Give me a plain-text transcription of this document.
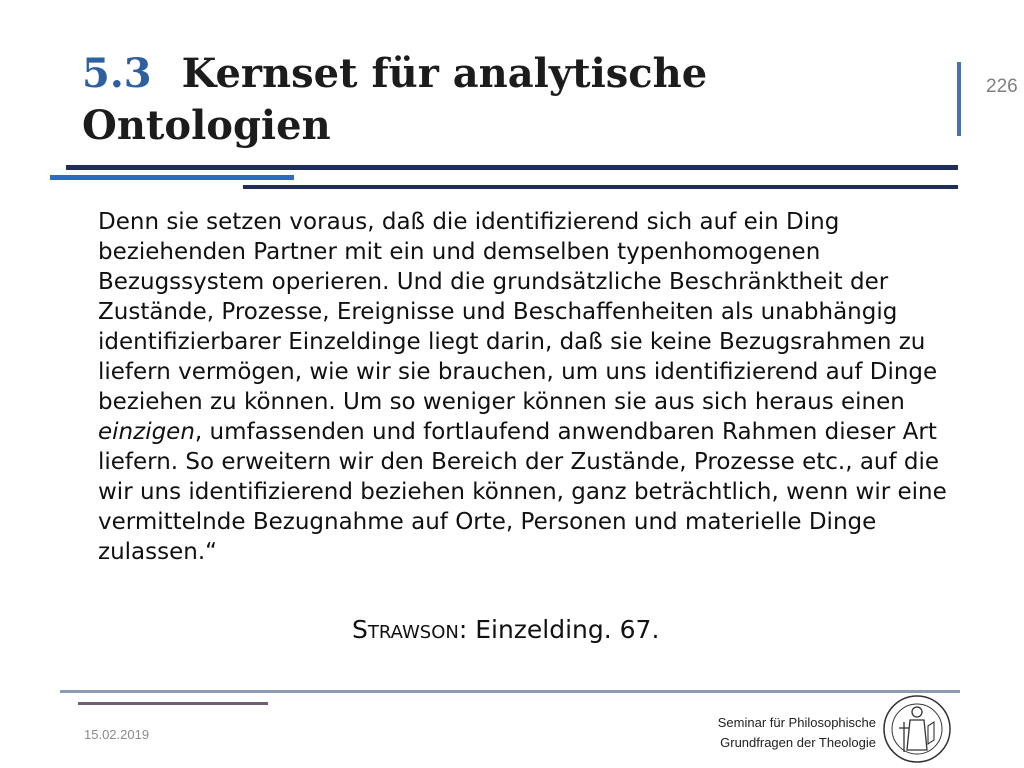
5.3 Kernset für analytische
Ontologien
226

Denn sie setzen voraus, daß die identifizierend sich auf ein Ding beziehenden Partner mit ein und demselben typenhomogenen Bezugssystem operieren. Und die grundsätzliche Beschränktheit der Zustände, Prozesse, Ereignisse und Beschaffenheiten als unabhängig identifizierbarer Einzeldinge liegt darin, daß sie keine Bezugsrahmen zu liefern vermögen, wie wir sie brauchen, um uns identifizierend auf Dinge beziehen zu können. Um so weniger können sie aus sich heraus einen einzigen, umfassenden und fortlaufend anwendbaren Rahmen dieser Art liefern. So erweitern wir den Bereich der Zustände, Prozesse etc., auf die wir uns identifizierend beziehen können, ganz beträchtlich, wenn wir eine vermittelnde Bezugnahme auf Orte, Personen und materielle Dinge zulassen.“

Strawson: Einzelding. 67.
15.02.2019
Seminar für Philosophische
Grundfragen der Theologie
